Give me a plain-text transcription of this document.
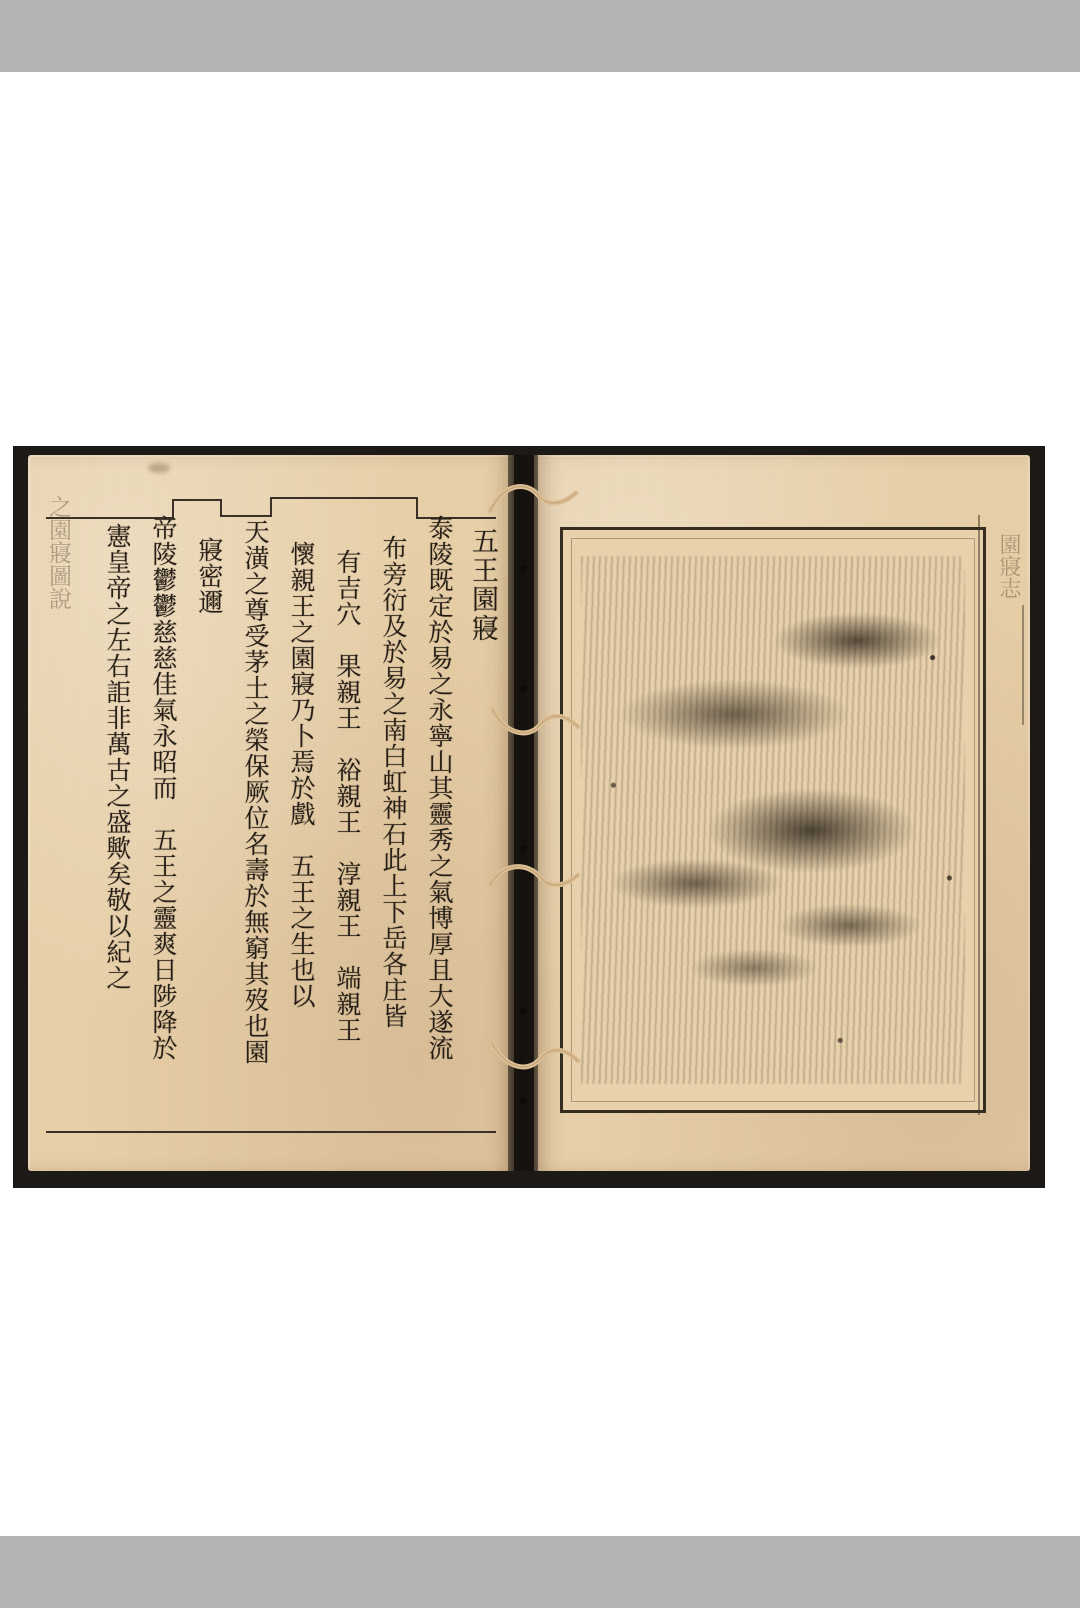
五王園寢
泰陵既定於易之永寧山其靈秀之氣博厚且大遂流
布旁衍及於易之南白虹神石此上下岳各庄皆
有吉穴　果親王　裕親王　淳親王　端親王
懷親王之園寢乃卜焉於戲　五王之生也以
天潢之尊受茅土之榮保厥位名壽於無窮其歿也園
寢密邇
帝陵鬱鬱慈慈佳氣永昭而　五王之靈爽日陟降於
憲皇帝之左右詎非萬古之盛歟矣敬以紀之
之園寢圖說	園寢志
